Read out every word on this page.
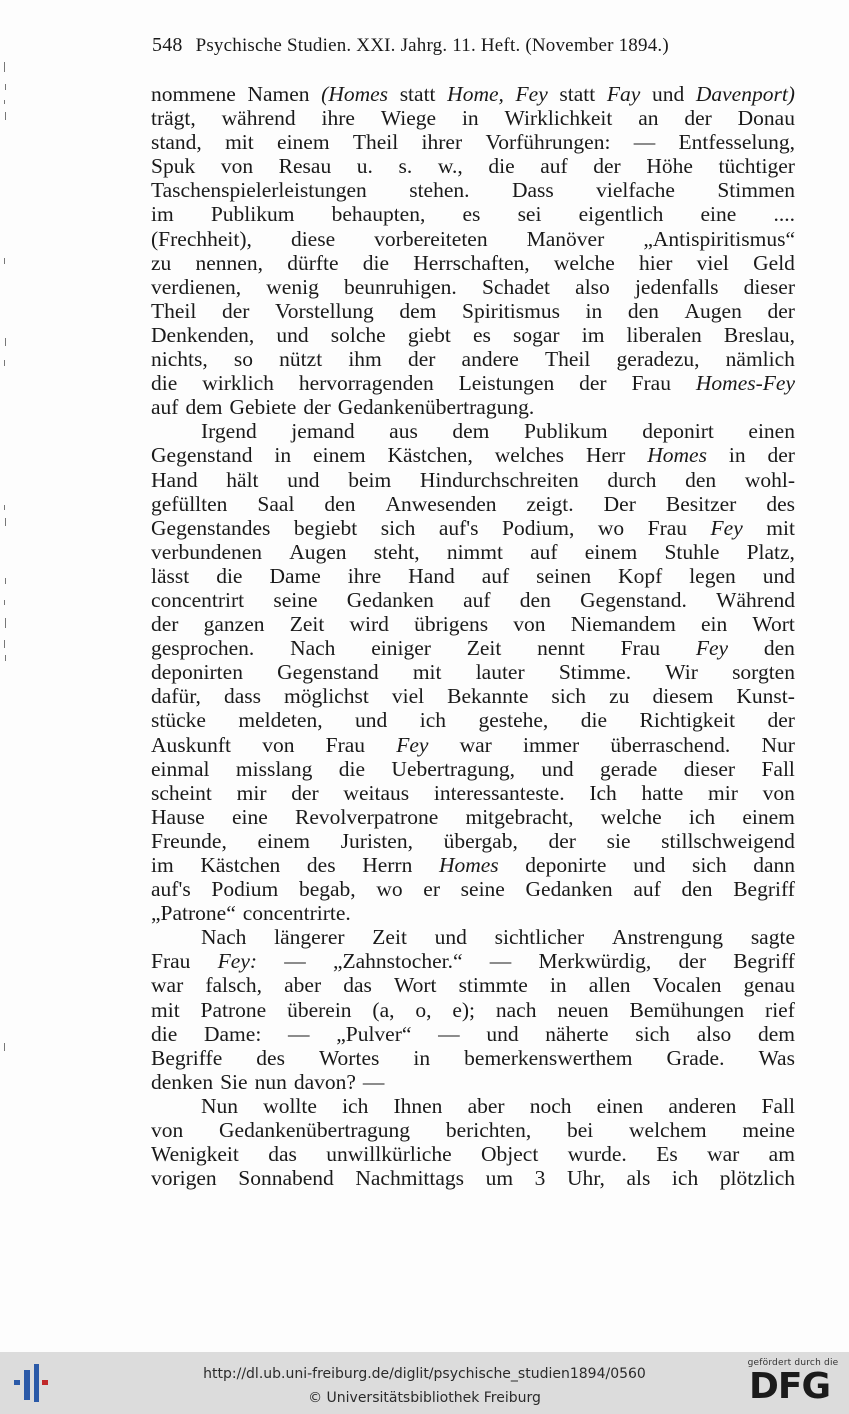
548 Psychische Studien. XXI. Jahrg. 11. Heft. (November 1894.)
nommene Namen (Homes statt Home, Fey statt Fay und Davenport)
trägt, während ihre Wiege in Wirklichkeit an der Donau
stand, mit einem Theil ihrer Vorführungen: — Entfesselung,
Spuk von Resau u. s. w., die auf der Höhe tüchtiger
Taschenspielerleistungen stehen. Dass vielfache Stimmen
im Publikum behaupten, es sei eigentlich eine ....
(Frechheit), diese vorbereiteten Manöver „Antispiritismus“
zu nennen, dürfte die Herrschaften, welche hier viel Geld
verdienen, wenig beunruhigen. Schadet also jedenfalls dieser
Theil der Vorstellung dem Spiritismus in den Augen der
Denkenden, und solche giebt es sogar im liberalen Breslau,
nichts, so nützt ihm der andere Theil geradezu, nämlich
die wirklich hervorragenden Leistungen der Frau Homes-Fey
auf dem Gebiete der Gedankenübertragung.
Irgend jemand aus dem Publikum deponirt einen
Gegenstand in einem Kästchen, welches Herr Homes in der
Hand hält und beim Hindurchschreiten durch den wohl-
gefüllten Saal den Anwesenden zeigt. Der Besitzer des
Gegenstandes begiebt sich auf's Podium, wo Frau Fey mit
verbundenen Augen steht, nimmt auf einem Stuhle Platz,
lässt die Dame ihre Hand auf seinen Kopf legen und
concentrirt seine Gedanken auf den Gegenstand. Während
der ganzen Zeit wird übrigens von Niemandem ein Wort
gesprochen. Nach einiger Zeit nennt Frau Fey den
deponirten Gegenstand mit lauter Stimme. Wir sorgten
dafür, dass möglichst viel Bekannte sich zu diesem Kunst-
stücke meldeten, und ich gestehe, die Richtigkeit der
Auskunft von Frau Fey war immer überraschend. Nur
einmal misslang die Uebertragung, und gerade dieser Fall
scheint mir der weitaus interessanteste. Ich hatte mir von
Hause eine Revolverpatrone mitgebracht, welche ich einem
Freunde, einem Juristen, übergab, der sie stillschweigend
im Kästchen des Herrn Homes deponirte und sich dann
auf's Podium begab, wo er seine Gedanken auf den Begriff
„Patrone“ concentrirte.
Nach längerer Zeit und sichtlicher Anstrengung sagte
Frau Fey: — „Zahnstocher.“ — Merkwürdig, der Begriff
war falsch, aber das Wort stimmte in allen Vocalen genau
mit Patrone überein (a, o, e); nach neuen Bemühungen rief
die Dame: — „Pulver“ — und näherte sich also dem
Begriffe des Wortes in bemerkenswerthem Grade. Was
denken Sie nun davon? —
Nun wollte ich Ihnen aber noch einen anderen Fall
von Gedankenübertragung berichten, bei welchem meine
Wenigkeit das unwillkürliche Object wurde. Es war am
vorigen Sonnabend Nachmittags um 3 Uhr, als ich plötzlich
http://dl.ub.uni-freiburg.de/diglit/psychische_studien1894/0560
© Universitätsbibliothek Freiburg
gefördert durch die
DFG
